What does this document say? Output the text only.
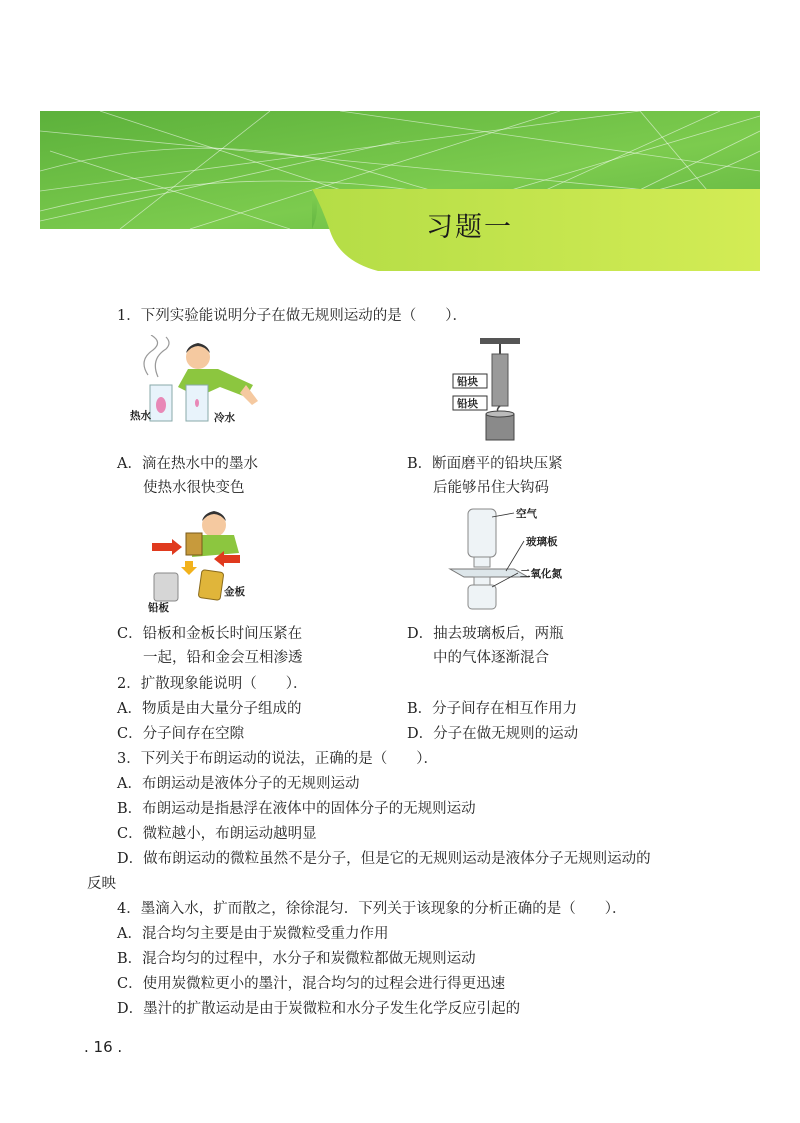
习题一
1．下列实验能说明分子在做无规则运动的是（　　）．
热水	冷水
铅块
铅块
A．滴在热水中的墨水
使热水很快变色
B．断面磨平的铅块压紧
后能够吊住大钩码
铅板
金板
空气
玻璃板
二氧化氮
C．铅板和金板长时间压紧在
一起，铅和金会互相渗透
D．抽去玻璃板后，两瓶
中的气体逐渐混合
2．扩散现象能说明（　　）．
A．物质是由大量分子组成的	B．分子间存在相互作用力
C．分子间存在空隙	D．分子在做无规则的运动
3．下列关于布朗运动的说法，正确的是（　　）．
A．布朗运动是液体分子的无规则运动
B．布朗运动是指悬浮在液体中的固体分子的无规则运动
C．微粒越小，布朗运动越明显
D．做布朗运动的微粒虽然不是分子，但是它的无规则运动是液体分子无规则运动的
反映
4．墨滴入水，扩而散之，徐徐混匀．下列关于该现象的分析正确的是（　　）．
A．混合均匀主要是由于炭微粒受重力作用
B．混合均匀的过程中，水分子和炭微粒都做无规则运动
C．使用炭微粒更小的墨汁，混合均匀的过程会进行得更迅速
D．墨汁的扩散运动是由于炭微粒和水分子发生化学反应引起的
. 16 .
